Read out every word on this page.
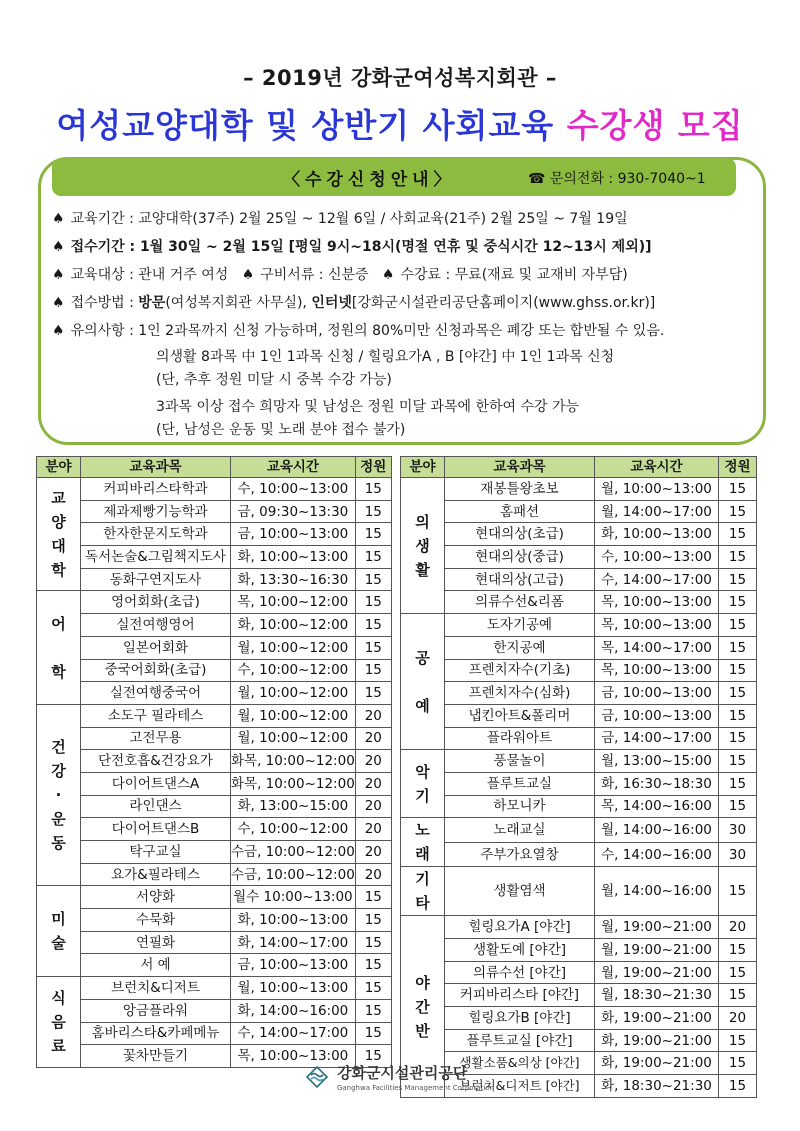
– 2019년 강화군여성복지회관 –
여성교양대학 및 상반기 사회교육 수강생 모집
〈수강신청안내〉	☎ 문의전화 : 930-7040~1
♠ 교육기간 : 교양대학(37주) 2월 25일 ~ 12월 6일 / 사회교육(21주) 2월 25일 ~ 7월 19일
♠ 접수기간 : 1월 30일 ~ 2월 15일 [평일 9시~18시(명절 연휴 및 중식시간 12~13시 제외)]
♠ 교육대상 : 관내 거주 여성 ♠ 구비서류 : 신분증 ♠ 수강료 : 무료(재료 및 교재비 자부담)
♠ 접수방법 : 방문(여성복지회관 사무실), 인터넷[강화군시설관리공단홈페이지(www.ghss.or.kr)]
♠ 유의사항 : 1인 2과목까지 신청 가능하며, 정원의 80%미만 신청과목은 폐강 또는 합반될 수 있음.
의생활 8과목 中 1인 1과목 신청 / 힐링요가A , B [야간] 中 1인 1과목 신청
(단, 추후 정원 미달 시 중복 수강 가능)
3과목 이상 접수 희망자 및 남성은 정원 미달 과목에 한하여 수강 가능
(단, 남성은 운동 및 노래 분야 접수 불가)
분야	교육과목	교육시간	정원
교
양
대
학	커피바리스타학과	수, 10:00~13:00	15
	제과제빵기능학과	금, 09:30~13:30	15
	한자한문지도학과	금, 10:00~13:00	15
	독서논술&그림책지도사	화, 10:00~13:00	15
	동화구연지도사	화, 13:30~16:30	15
어

학	영어회화(초급)	목, 10:00~12:00	15
	실전여행영어	화, 10:00~12:00	15
	일본어회화	월, 10:00~12:00	15
	중국어회화(초급)	수, 10:00~12:00	15
	실전여행중국어	월, 10:00~12:00	15
건
강
·
운
동	소도구 필라테스	월, 10:00~12:00	20
	고전무용	월, 10:00~12:00	20
	단전호흡&건강요가	화목, 10:00~12:00	20
	다이어트댄스A	화목, 10:00~12:00	20
	라인댄스	화, 13:00~15:00	20
	다이어트댄스B	수, 10:00~12:00	20
	탁구교실	수금, 10:00~12:00	20
	요가&필라테스	수금, 10:00~12:00	20
미
술	서양화	월수 10:00~13:00	15
	수묵화	화, 10:00~13:00	15
	연필화	화, 14:00~17:00	15
	서 예	금, 10:00~13:00	15
식
음
료	브런치&디저트	월, 10:00~13:00	15
	앙금플라워	화, 14:00~16:00	15
	홈바리스타&카페메뉴	수, 14:00~17:00	15
	꽃차만들기	목, 10:00~13:00	15
분야	교육과목	교육시간	정원
의
생
활	재봉틀왕초보	월, 10:00~13:00	15
	홈패션	월, 14:00~17:00	15
	현대의상(초급)	화, 10:00~13:00	15
	현대의상(중급)	수, 10:00~13:00	15
	현대의상(고급)	수, 14:00~17:00	15
	의류수선&리폼	목, 10:00~13:00	15
공

예	도자기공예	목, 10:00~13:00	15
	한지공예	목, 14:00~17:00	15
	프렌치자수(기초)	목, 10:00~13:00	15
	프렌치자수(심화)	금, 10:00~13:00	15
	냅킨아트&폴리머	금, 10:00~13:00	15
	플라워아트	금, 14:00~17:00	15
악
기	풍물놀이	월, 13:00~15:00	15
	플루트교실	화, 16:30~18:30	15
	하모니카	목, 14:00~16:00	15
노
래	노래교실	월, 14:00~16:00	30
	주부가요열창	수, 14:00~16:00	30
기
타	생활염색	월, 14:00~16:00	15
야
간
반	힐링요가A [야간]	월, 19:00~21:00	20
	생활도예 [야간]	월, 19:00~21:00	15
	의류수선 [야간]	월, 19:00~21:00	15
	커피바리스타 [야간]	월, 18:30~21:30	15
	힐링요가B [야간]	화, 19:00~21:00	20
	플루트교실 [야간]	화, 19:00~21:00	15
	생활소품&의상 [야간]	화, 19:00~21:00	15
	브런치&디저트 [야간]	화, 18:30~21:30	15
강화군시설관리공단
Ganghwa Facilities Management Corporation
